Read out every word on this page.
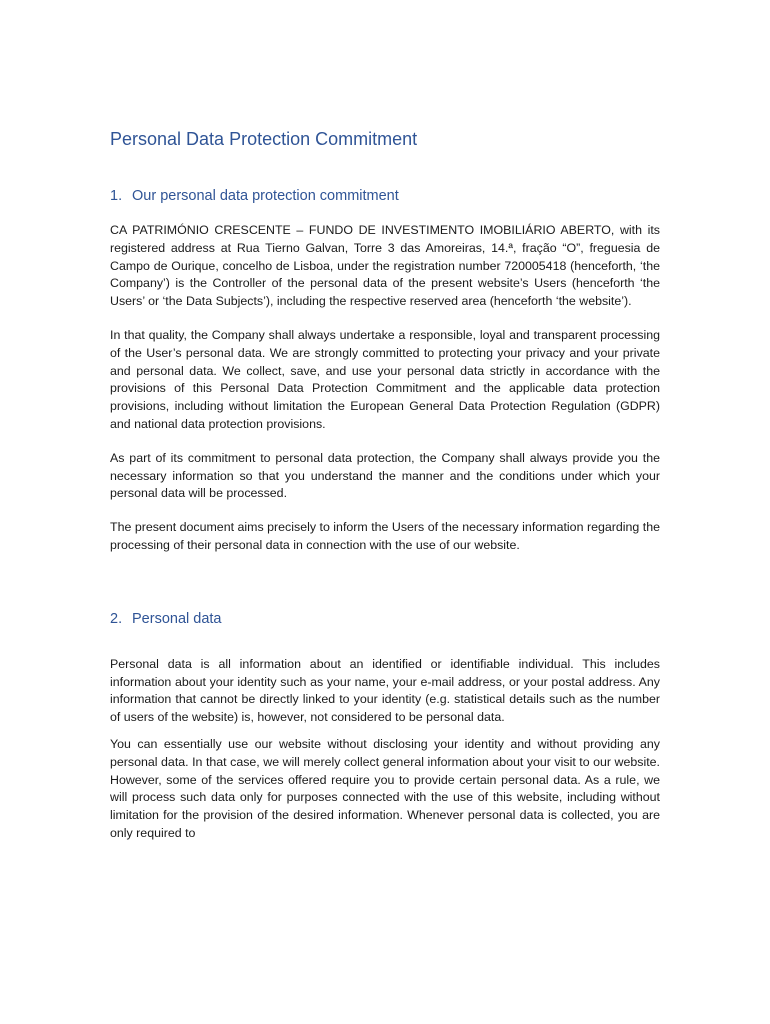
Personal Data Protection Commitment
1. Our personal data protection commitment

CA PATRIMÓNIO CRESCENTE – FUNDO DE INVESTIMENTO IMOBILIÁRIO ABERTO, with its registered address at Rua Tierno Galvan, Torre 3 das Amoreiras, 14.ª, fração “O”, freguesia de Campo de Ourique, concelho de Lisboa, under the registration number 720005418 (henceforth, ‘the Company’) is the Controller of the personal data of the present website’s Users (henceforth ‘the Users’ or ‘the Data Subjects’), including the respective reserved area (henceforth ‘the website’).

In that quality, the Company shall always undertake a responsible, loyal and transparent processing of the User’s personal data. We are strongly committed to protecting your privacy and your private and personal data. We collect, save, and use your personal data strictly in accordance with the provisions of this Personal Data Protection Commitment and the applicable data protection provisions, including without limitation the European General Data Protection Regulation (GDPR) and national data protection provisions.

As part of its commitment to personal data protection, the Company shall always provide you the necessary information so that you understand the manner and the conditions under which your personal data will be processed.

The present document aims precisely to inform the Users of the necessary information regarding the processing of their personal data in connection with the use of our website.

2. Personal data

Personal data is all information about an identified or identifiable individual. This includes information about your identity such as your name, your e-mail address, or your postal address. Any information that cannot be directly linked to your identity (e.g. statistical details such as the number of users of the website) is, however, not considered to be personal data.

You can essentially use our website without disclosing your identity and without providing any personal data. In that case, we will merely collect general information about your visit to our website. However, some of the services offered require you to provide certain personal data. As a rule, we will process such data only for purposes connected with the use of this website, including without limitation for the provision of the desired information. Whenever personal data is collected, you are only required to
